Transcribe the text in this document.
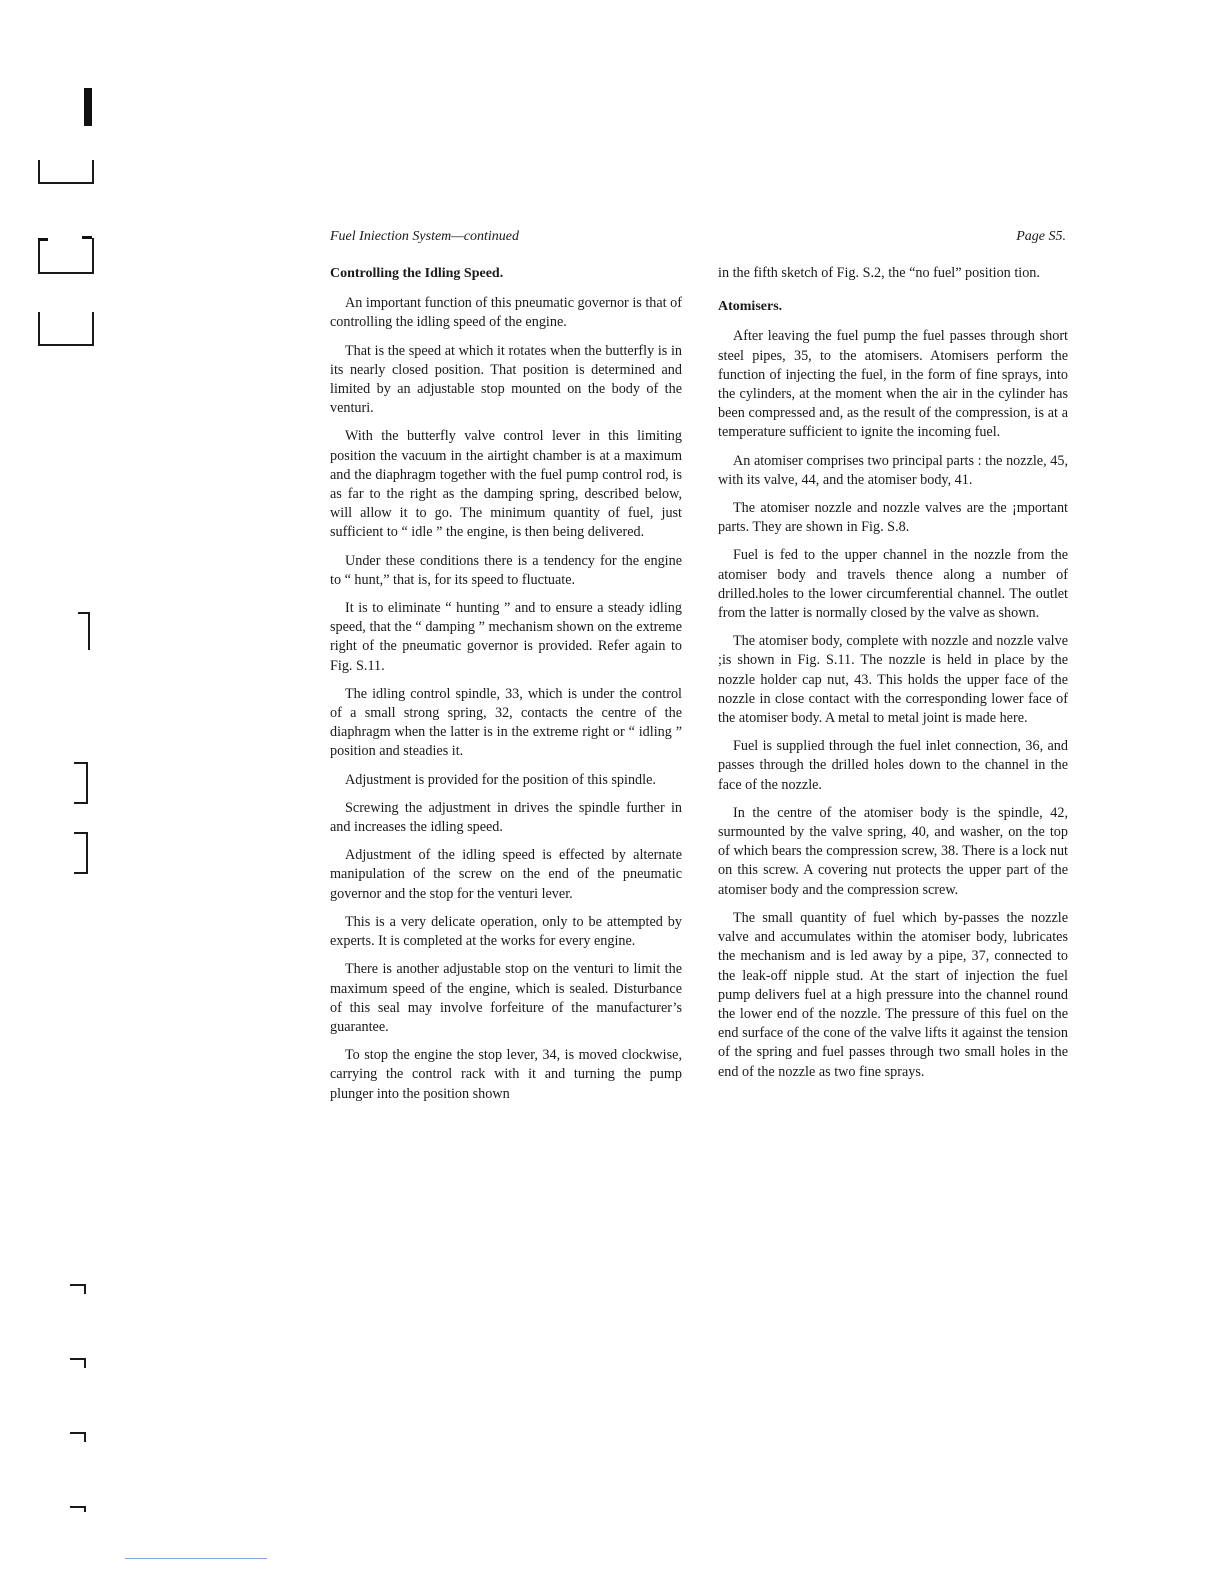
Fuel Iniection System—continued	Page S5.
Controlling the Idling Speed.

An important function of this pneumatic governor is that of controlling the idling speed of the engine.

That is the speed at which it rotates when the butterfly is in its nearly closed position. That position is determined and limited by an adjustable stop mounted on the body of the venturi.

With the butterfly valve control lever in this limiting position the vacuum in the airtight chamber is at a maximum and the diaphragm together with the fuel pump control rod, is as far to the right as the damping spring, described below, will allow it to go. The minimum quantity of fuel, just sufficient to “ idle ” the engine, is then being delivered.

Under these conditions there is a tendency for the engine to “ hunt,” that is, for its speed to fluctuate.

It is to eliminate “ hunting ” and to ensure a steady idling speed, that the “ damping ” mechanism shown on the extreme right of the pneumatic governor is provided. Refer again to Fig. S.11.

The idling control spindle, 33, which is under the control of a small strong spring, 32, contacts the centre of the diaphragm when the latter is in the extreme right or “ idling ” position and steadies it.

Adjustment is provided for the position of this spindle.

Screwing the adjustment in drives the spindle further in and increases the idling speed.

Adjustment of the idling speed is effected by alternate manipulation of the screw on the end of the pneumatic governor and the stop for the venturi lever.

This is a very delicate operation, only to be attempted by experts. It is completed at the works for every engine.

There is another adjustable stop on the venturi to limit the maximum speed of the engine, which is sealed. Disturbance of this seal may involve forfeiture of the manufacturer’s guarantee.

To stop the engine the stop lever, 34, is moved clockwise, carrying the control rack with it and turning the pump plunger into the position shown

in the fifth sketch of Fig. S.2, the “no fuel” position tion.

Atomisers.

After leaving the fuel pump the fuel passes through short steel pipes, 35, to the atomisers. Atomisers perform the function of injecting the fuel, in the form of fine sprays, into the cylinders, at the moment when the air in the cylinder has been compressed and, as the result of the compression, is at a temperature sufficient to ignite the incoming fuel.

An atomiser comprises two principal parts : the nozzle, 45, with its valve, 44, and the atomiser body, 41.

The atomiser nozzle and nozzle valves are the ¡mportant parts. They are shown in Fig. S.8.

Fuel is fed to the upper channel in the nozzle from the atomiser body and travels thence along a number of drilled.holes to the lower circumferential channel. The outlet from the latter is normally closed by the valve as shown.

The atomiser body, complete with nozzle and nozzle valve ;is shown in Fig. S.11. The nozzle is held in place by the nozzle holder cap nut, 43. This holds the upper face of the nozzle in close contact with the corresponding lower face of the atomiser body. A metal to metal joint is made here.

Fuel is supplied through the fuel inlet connection, 36, and passes through the drilled holes down to the channel in the face of the nozzle.

In the centre of the atomiser body is the spindle, 42, surmounted by the valve spring, 40, and washer, on the top of which bears the compression screw, 38. There is a lock nut on this screw. A covering nut protects the upper part of the atomiser body and the compression screw.

The small quantity of fuel which by-passes the nozzle valve and accumulates within the atomiser body, lubricates the mechanism and is led away by a pipe, 37, connected to the leak-off nipple stud. At the start of injection the fuel pump delivers fuel at a high pressure into the channel round the lower end of the nozzle. The pressure of this fuel on the end surface of the cone of the valve lifts it against the tension of the spring and fuel passes through two small holes in the end of the nozzle as two fine sprays.
